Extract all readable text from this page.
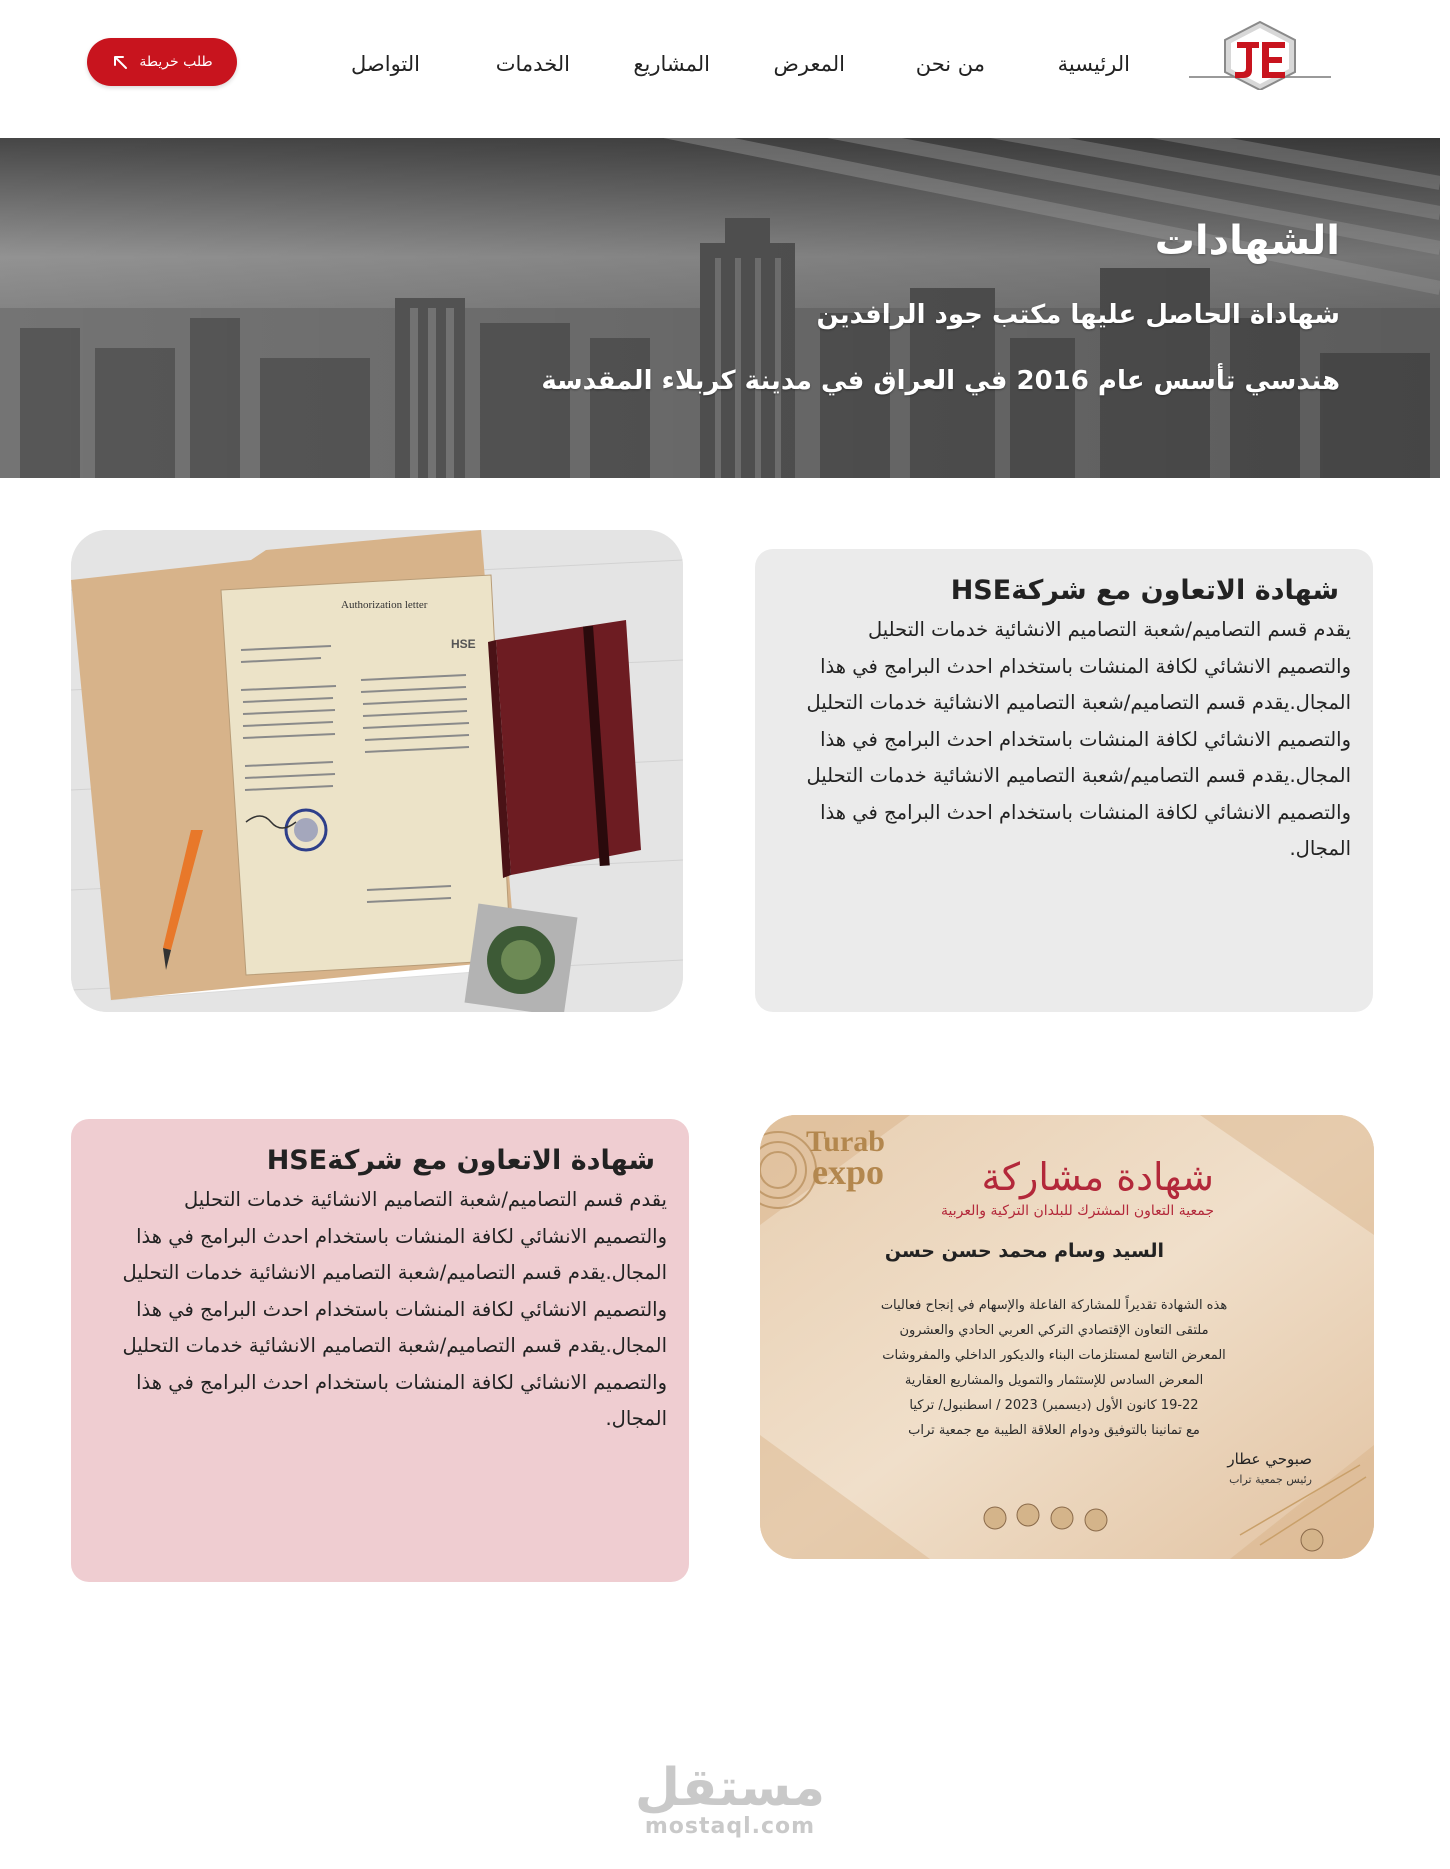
الرئيسية
من نحن
المعرض
المشاريع
الخدمات
التواصل
طلب خريطة
الشهادات
شهاداة الحاصل عليها مكتب جود الرافدين
هندسي تأسس عام 2016 في العراق في مدينة كربلاء المقدسة
Authorization letter
HSE
شهادة الاتعاون مع شركةHSE
يقدم قسم التصاميم/شعبة التصاميم الانشائية خدمات التحليل
والتصميم الانشائي لكافة المنشات باستخدام احدث البرامج في هذا
المجال.يقدم قسم التصاميم/شعبة التصاميم الانشائية خدمات التحليل
والتصميم الانشائي لكافة المنشات باستخدام احدث البرامج في هذا
المجال.يقدم قسم التصاميم/شعبة التصاميم الانشائية خدمات التحليل
والتصميم الانشائي لكافة المنشات باستخدام احدث البرامج في هذا
المجال.
شهادة الاتعاون مع شركةHSE
يقدم قسم التصاميم/شعبة التصاميم الانشائية خدمات التحليل
والتصميم الانشائي لكافة المنشات باستخدام احدث البرامج في هذا
المجال.يقدم قسم التصاميم/شعبة التصاميم الانشائية خدمات التحليل
والتصميم الانشائي لكافة المنشات باستخدام احدث البرامج في هذا
المجال.يقدم قسم التصاميم/شعبة التصاميم الانشائية خدمات التحليل
والتصميم الانشائي لكافة المنشات باستخدام احدث البرامج في هذا
المجال.
Turab
expo	شهادة مشاركة
جمعية التعاون المشترك للبلدان التركية والعربية
السيد وسام محمد حسن حسن
هذه الشهادة تقديراً للمشاركة الفاعلة والإسهام في إنجاح فعاليات
ملتقى التعاون الإقتصادي التركي العربي الحادي والعشرون
المعرض التاسع لمستلزمات البناء والديكور الداخلي والمفروشات
المعرض السادس للإستثمار والتمويل والمشاريع العقارية
19-22 كانون الأول (ديسمبر) 2023 / اسطنبول/ تركيا
مع تمانينا بالتوفيق ودوام العلاقة الطيبة مع جمعية تراب
صبوحي عطار
رئيس جمعية تراب
مستقل
mostaql.com
